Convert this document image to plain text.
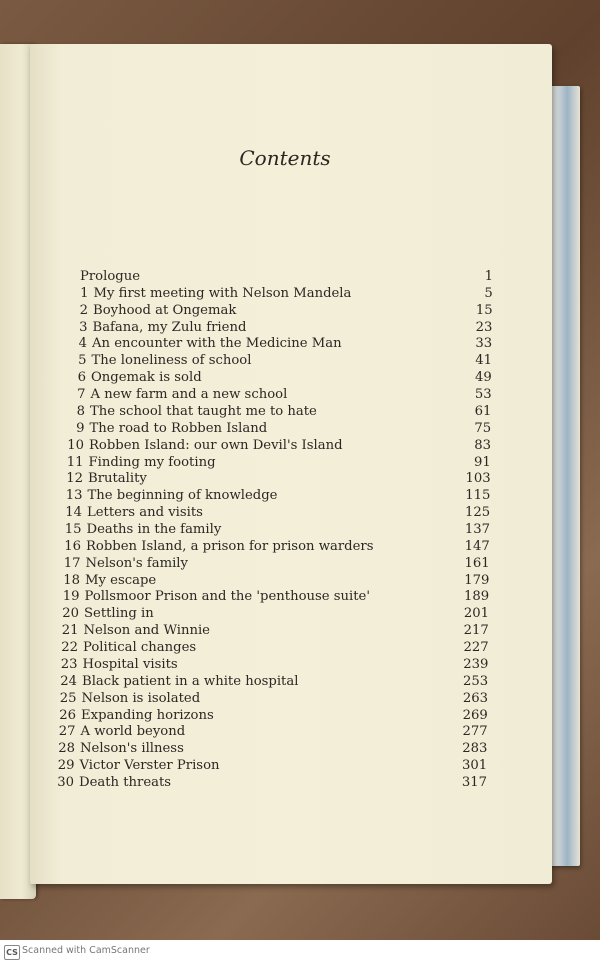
Contents
Prologue	1
1 My first meeting with Nelson Mandela	5
2 Boyhood at Ongemak	15
3 Bafana, my Zulu friend	23
4 An encounter with the Medicine Man	33
5 The loneliness of school	41
6 Ongemak is sold	49
7 A new farm and a new school	53
8 The school that taught me to hate	61
9 The road to Robben Island	75
10 Robben Island: our own Devil's Island	83
11 Finding my footing	91
12 Brutality	103
13 The beginning of knowledge	115
14 Letters and visits	125
15 Deaths in the family	137
16 Robben Island, a prison for prison warders	147
17 Nelson's family	161
18 My escape	179
19 Pollsmoor Prison and the 'penthouse suite'	189
20 Settling in	201
21 Nelson and Winnie	217
22 Political changes	227
23 Hospital visits	239
24 Black patient in a white hospital	253
25 Nelson is isolated	263
26 Expanding horizons	269
27 A world beyond	277
28 Nelson's illness	283
29 Victor Verster Prison	301
30 Death threats	317
CS Scanned with CamScanner
